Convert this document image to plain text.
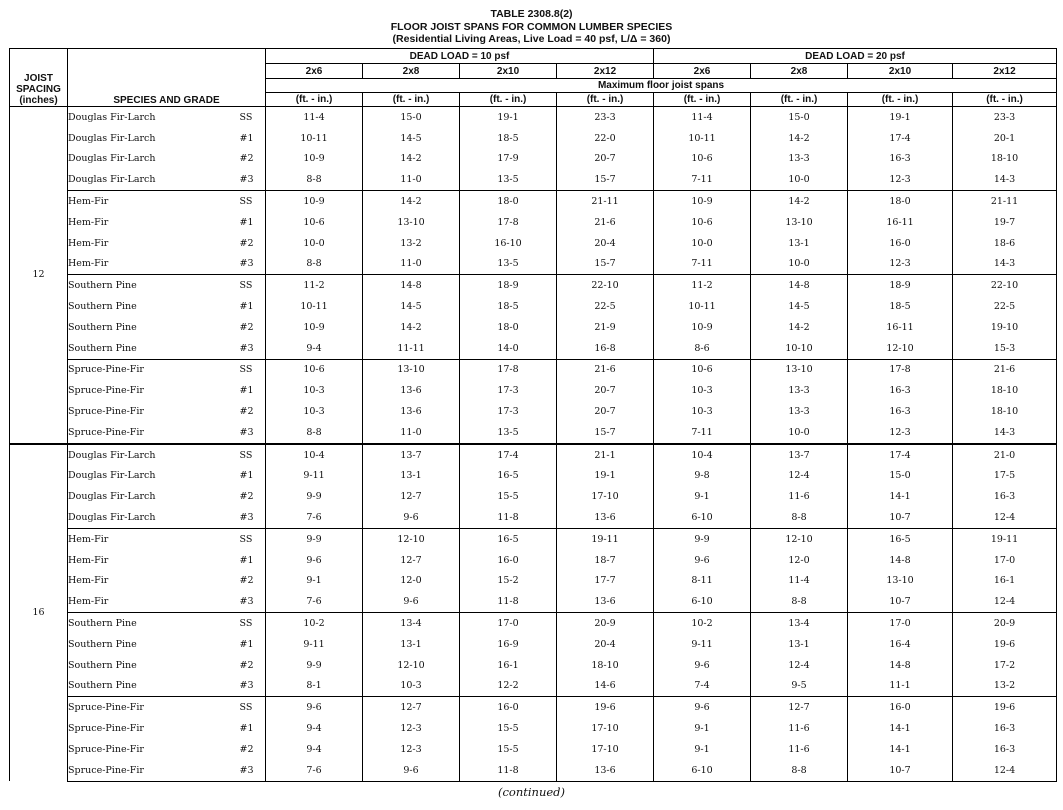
TABLE 2308.8(2)
FLOOR JOIST SPANS FOR COMMON LUMBER SPECIES
(Residential Living Areas, Live Load = 40 psf, L/Δ = 360)
JOIST
SPACING
(inches)	SPECIES AND GRADE		DEAD LOAD = 10 psf				DEAD LOAD = 20 psf			
			2x6	2x8	2x10	2x12	2x6	2x8	2x10	2x12
			Maximum floor joist spans							
			(ft. - in.)	(ft. - in.)	(ft. - in.)	(ft. - in.)	(ft. - in.)	(ft. - in.)	(ft. - in.)	(ft. - in.)
12	Douglas Fir-Larch	SS	11-4	15-0	19-1	23-3	11-4	15-0	19-1	23-3
	Douglas Fir-Larch	#1	10-11	14-5	18-5	22-0	10-11	14-2	17-4	20-1
	Douglas Fir-Larch	#2	10-9	14-2	17-9	20-7	10-6	13-3	16-3	18-10
	Douglas Fir-Larch	#3	8-8	11-0	13-5	15-7	7-11	10-0	12-3	14-3
	Hem-Fir	SS	10-9	14-2	18-0	21-11	10-9	14-2	18-0	21-11
	Hem-Fir	#1	10-6	13-10	17-8	21-6	10-6	13-10	16-11	19-7
	Hem-Fir	#2	10-0	13-2	16-10	20-4	10-0	13-1	16-0	18-6
	Hem-Fir	#3	8-8	11-0	13-5	15-7	7-11	10-0	12-3	14-3
	Southern Pine	SS	11-2	14-8	18-9	22-10	11-2	14-8	18-9	22-10
	Southern Pine	#1	10-11	14-5	18-5	22-5	10-11	14-5	18-5	22-5
	Southern Pine	#2	10-9	14-2	18-0	21-9	10-9	14-2	16-11	19-10
	Southern Pine	#3	9-4	11-11	14-0	16-8	8-6	10-10	12-10	15-3
	Spruce-Pine-Fir	SS	10-6	13-10	17-8	21-6	10-6	13-10	17-8	21-6
	Spruce-Pine-Fir	#1	10-3	13-6	17-3	20-7	10-3	13-3	16-3	18-10
	Spruce-Pine-Fir	#2	10-3	13-6	17-3	20-7	10-3	13-3	16-3	18-10
	Spruce-Pine-Fir	#3	8-8	11-0	13-5	15-7	7-11	10-0	12-3	14-3
16	Douglas Fir-Larch	SS	10-4	13-7	17-4	21-1	10-4	13-7	17-4	21-0
	Douglas Fir-Larch	#1	9-11	13-1	16-5	19-1	9-8	12-4	15-0	17-5
	Douglas Fir-Larch	#2	9-9	12-7	15-5	17-10	9-1	11-6	14-1	16-3
	Douglas Fir-Larch	#3	7-6	9-6	11-8	13-6	6-10	8-8	10-7	12-4
	Hem-Fir	SS	9-9	12-10	16-5	19-11	9-9	12-10	16-5	19-11
	Hem-Fir	#1	9-6	12-7	16-0	18-7	9-6	12-0	14-8	17-0
	Hem-Fir	#2	9-1	12-0	15-2	17-7	8-11	11-4	13-10	16-1
	Hem-Fir	#3	7-6	9-6	11-8	13-6	6-10	8-8	10-7	12-4
	Southern Pine	SS	10-2	13-4	17-0	20-9	10-2	13-4	17-0	20-9
	Southern Pine	#1	9-11	13-1	16-9	20-4	9-11	13-1	16-4	19-6
	Southern Pine	#2	9-9	12-10	16-1	18-10	9-6	12-4	14-8	17-2
	Southern Pine	#3	8-1	10-3	12-2	14-6	7-4	9-5	11-1	13-2
	Spruce-Pine-Fir	SS	9-6	12-7	16-0	19-6	9-6	12-7	16-0	19-6
	Spruce-Pine-Fir	#1	9-4	12-3	15-5	17-10	9-1	11-6	14-1	16-3
	Spruce-Pine-Fir	#2	9-4	12-3	15-5	17-10	9-1	11-6	14-1	16-3
	Spruce-Pine-Fir	#3	7-6	9-6	11-8	13-6	6-10	8-8	10-7	12-4
(continued)
